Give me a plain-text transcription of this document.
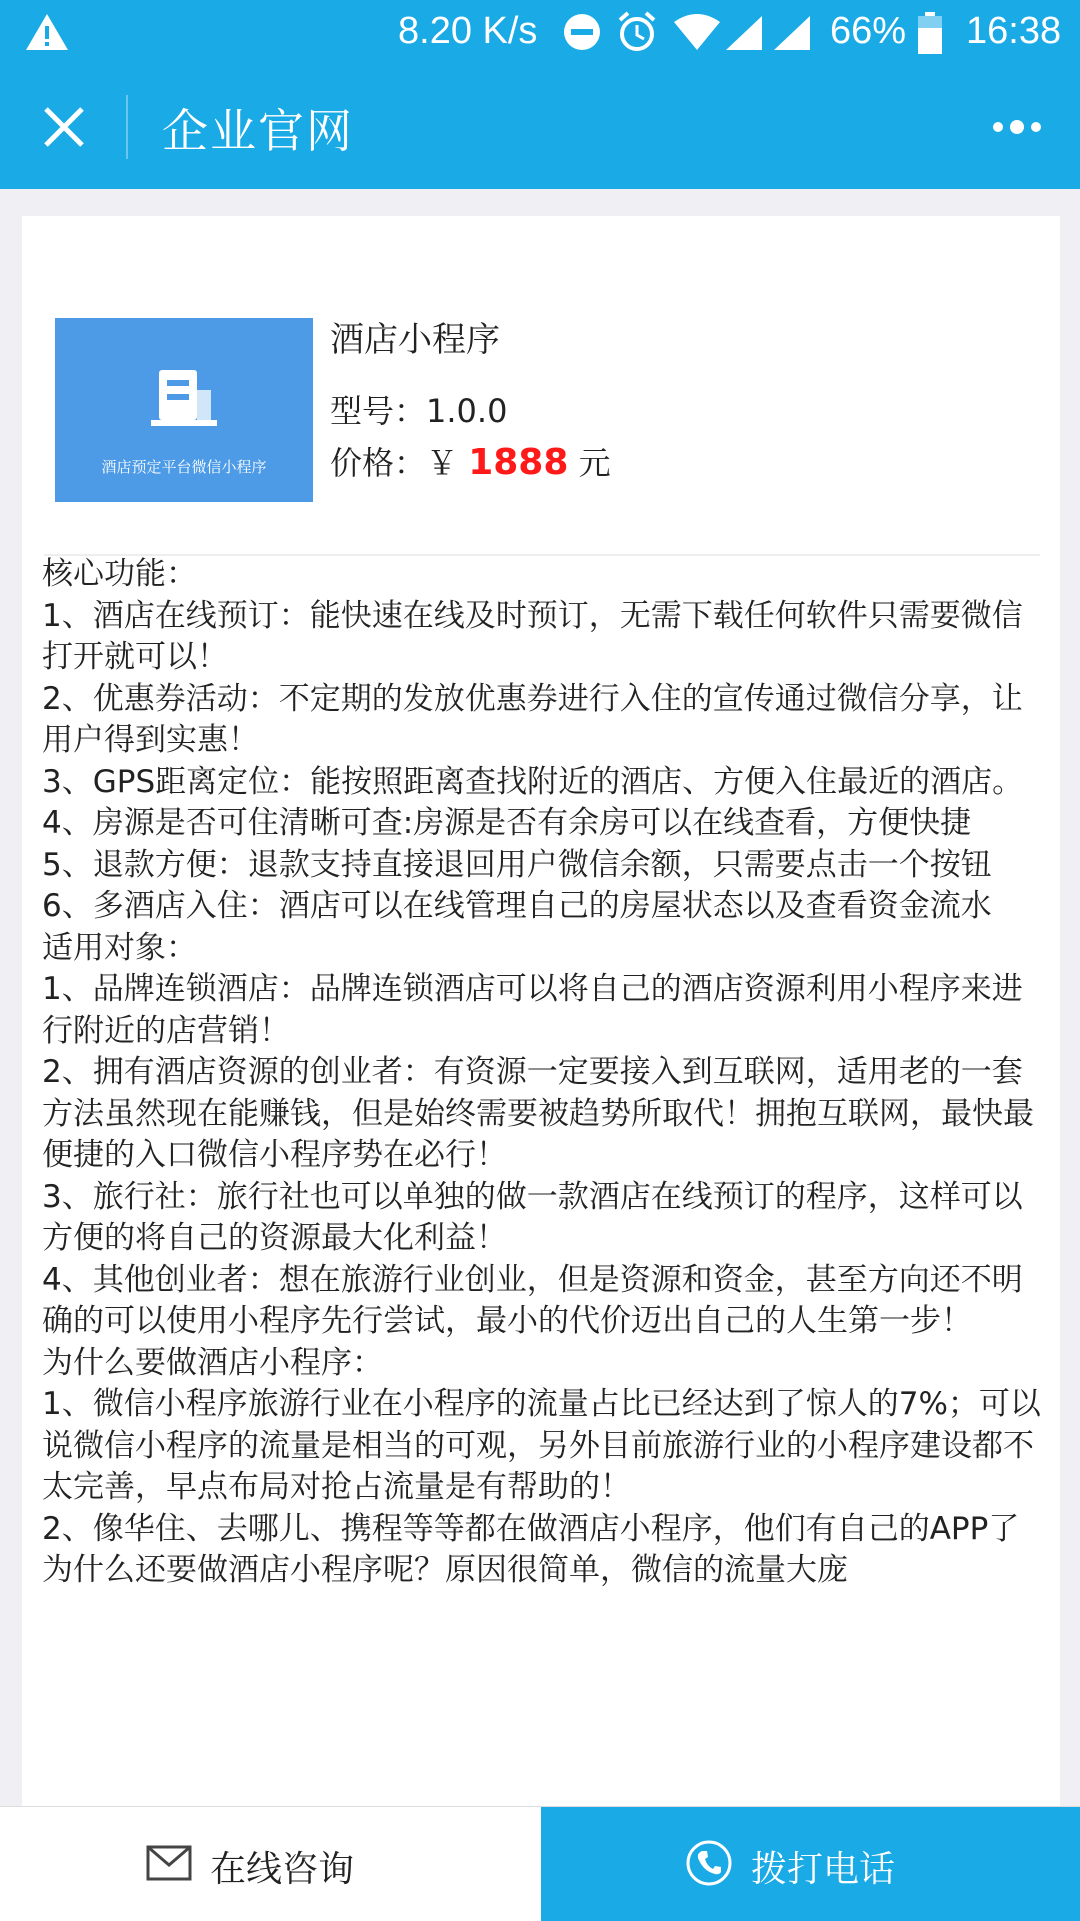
8.20 K/s	66% 16:38
企业官网
酒店预定平台微信小程序
酒店小程序
型号：1.0.0
价格：￥ 1888 元

核心功能：

1、酒店在线预订：能快速在线及时预订，无需下载任何软件只需要微信打开就可以！

2、优惠券活动：不定期的发放优惠券进行入住的宣传通过微信分享，让用户得到实惠！

3、GPS距离定位：能按照距离查找附近的酒店、方便入住最近的酒店。

4、房源是否可住清晰可查:房源是否有余房可以在线查看，方便快捷

5、退款方便：退款支持直接退回用户微信余额，只需要点击一个按钮

6、多酒店入住：酒店可以在线管理自己的房屋状态以及查看资金流水

适用对象：

1、品牌连锁酒店：品牌连锁酒店可以将自己的酒店资源利用小程序来进行附近的店营销！

2、拥有酒店资源的创业者：有资源一定要接入到互联网，适用老的一套方法虽然现在能赚钱，但是始终需要被趋势所取代！拥抱互联网，最快最便捷的入口微信小程序势在必行！

3、旅行社：旅行社也可以单独的做一款酒店在线预订的程序，这样可以方便的将自己的资源最大化利益！

4、其他创业者：想在旅游行业创业，但是资源和资金，甚至方向还不明确的可以使用小程序先行尝试，最小的代价迈出自己的人生第一步！

为什么要做酒店小程序：

1、微信小程序旅游行业在小程序的流量占比已经达到了惊人的7%；可以说微信小程序的流量是相当的可观，另外目前旅游行业的小程序建设都不太完善，早点布局对抢占流量是有帮助的！

2、像华住、去哪儿、携程等等都在做酒店小程序，他们有自己的APP了为什么还要做酒店小程序呢？原因很简单，微信的流量大庞

在线咨询	拨打电话
